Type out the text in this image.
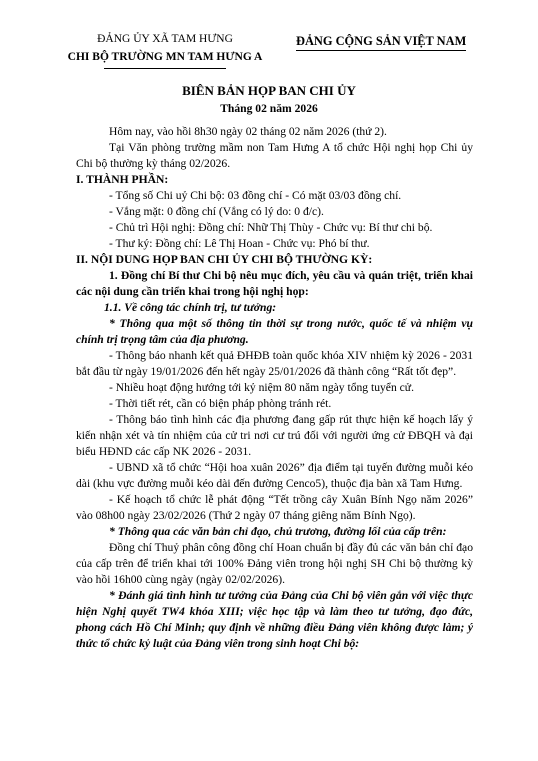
ĐẢNG ỦY XÃ TAM HƯNG
CHI BỘ TRƯỜNG MN TAM HƯNG A
ĐẢNG CỘNG SẢN VIỆT NAM
BIÊN BẢN HỌP BAN CHI ỦY
Tháng 02 năm 2026

Hôm nay, vào hồi 8h30 ngày 02 tháng 02 năm 2026 (thứ 2).

Tại Văn phòng trường mầm non Tam Hưng A tổ chức Hội nghị họp Chi ủy Chi bộ thường kỳ tháng 02/2026.

I. THÀNH PHẦN:

- Tổng số Chi uỷ Chi bộ: 03 đồng chí - Có mặt 03/03 đồng chí.

- Vắng mặt: 0 đồng chí (Vắng có lý do: 0 đ/c).

- Chủ trì Hội nghị: Đồng chí: Nhữ Thị Thùy - Chức vụ: Bí thư chi bộ.

- Thư ký: Đồng chí: Lê Thị Hoan - Chức vụ: Phó bí thư.

II. NỘI DUNG HỌP BAN CHI ỦY CHI BỘ THƯỜNG KỲ:

1. Đồng chí Bí thư Chi bộ nêu mục đích, yêu cầu và quán triệt, triển khai các nội dung cần triển khai trong hội nghị họp:

1.1. Về công tác chính trị, tư tưởng:

* Thông qua một số thông tin thời sự trong nước, quốc tế và nhiệm vụ chính trị trọng tâm của địa phương.

- Thông báo nhanh kết quả ĐHĐB toàn quốc khóa XIV nhiệm kỳ 2026 - 2031 bắt đầu từ ngày 19/01/2026 đến hết ngày 25/01/2026 đã thành công “Rất tốt đẹp”.

- Nhiều hoạt động hướng tới kỷ niệm 80 năm ngày tổng tuyển cử.

- Thời tiết rét, cần có biện pháp phòng tránh rét.

- Thông báo tình hình các địa phương đang gấp rút thực hiện kế hoạch lấy ý kiến nhận xét và tín nhiệm của cử tri nơi cư trú đối với người ứng cử ĐBQH và đại biểu HĐND các cấp NK 2026 - 2031.

- UBND xã tổ chức “Hội hoa xuân 2026” địa điểm tại tuyến đường muỗi kéo dài (khu vực đường muỗi kéo dài đến đường Cenco5), thuộc địa bàn xã Tam Hưng.

- Kế hoạch tổ chức lễ phát động “Tết trồng cây Xuân Bính Ngọ năm 2026” vào 08h00 ngày 23/02/2026 (Thứ 2 ngày 07 tháng giêng năm Bính Ngọ).

* Thông qua các văn bản chỉ đạo, chủ trương, đường lối của cấp trên:

Đồng chí Thuỷ phân công đồng chí Hoan chuẩn bị đầy đủ các văn bản chỉ đạo của cấp trên để triển khai tới 100% Đảng viên trong hội nghị SH Chi bộ thường kỳ vào hồi 16h00 cùng ngày (ngày 02/02/2026).

* Đánh giá tình hình tư tưởng của Đảng của Chi bộ viên gắn với việc thực hiện Nghị quyết TW4 khóa XIII; việc học tập và làm theo tư tưởng, đạo đức, phong cách Hồ Chí Minh; quy định về những điều Đảng viên không được làm; ý thức tổ chức kỷ luật của Đảng viên trong sinh hoạt Chi bộ:
